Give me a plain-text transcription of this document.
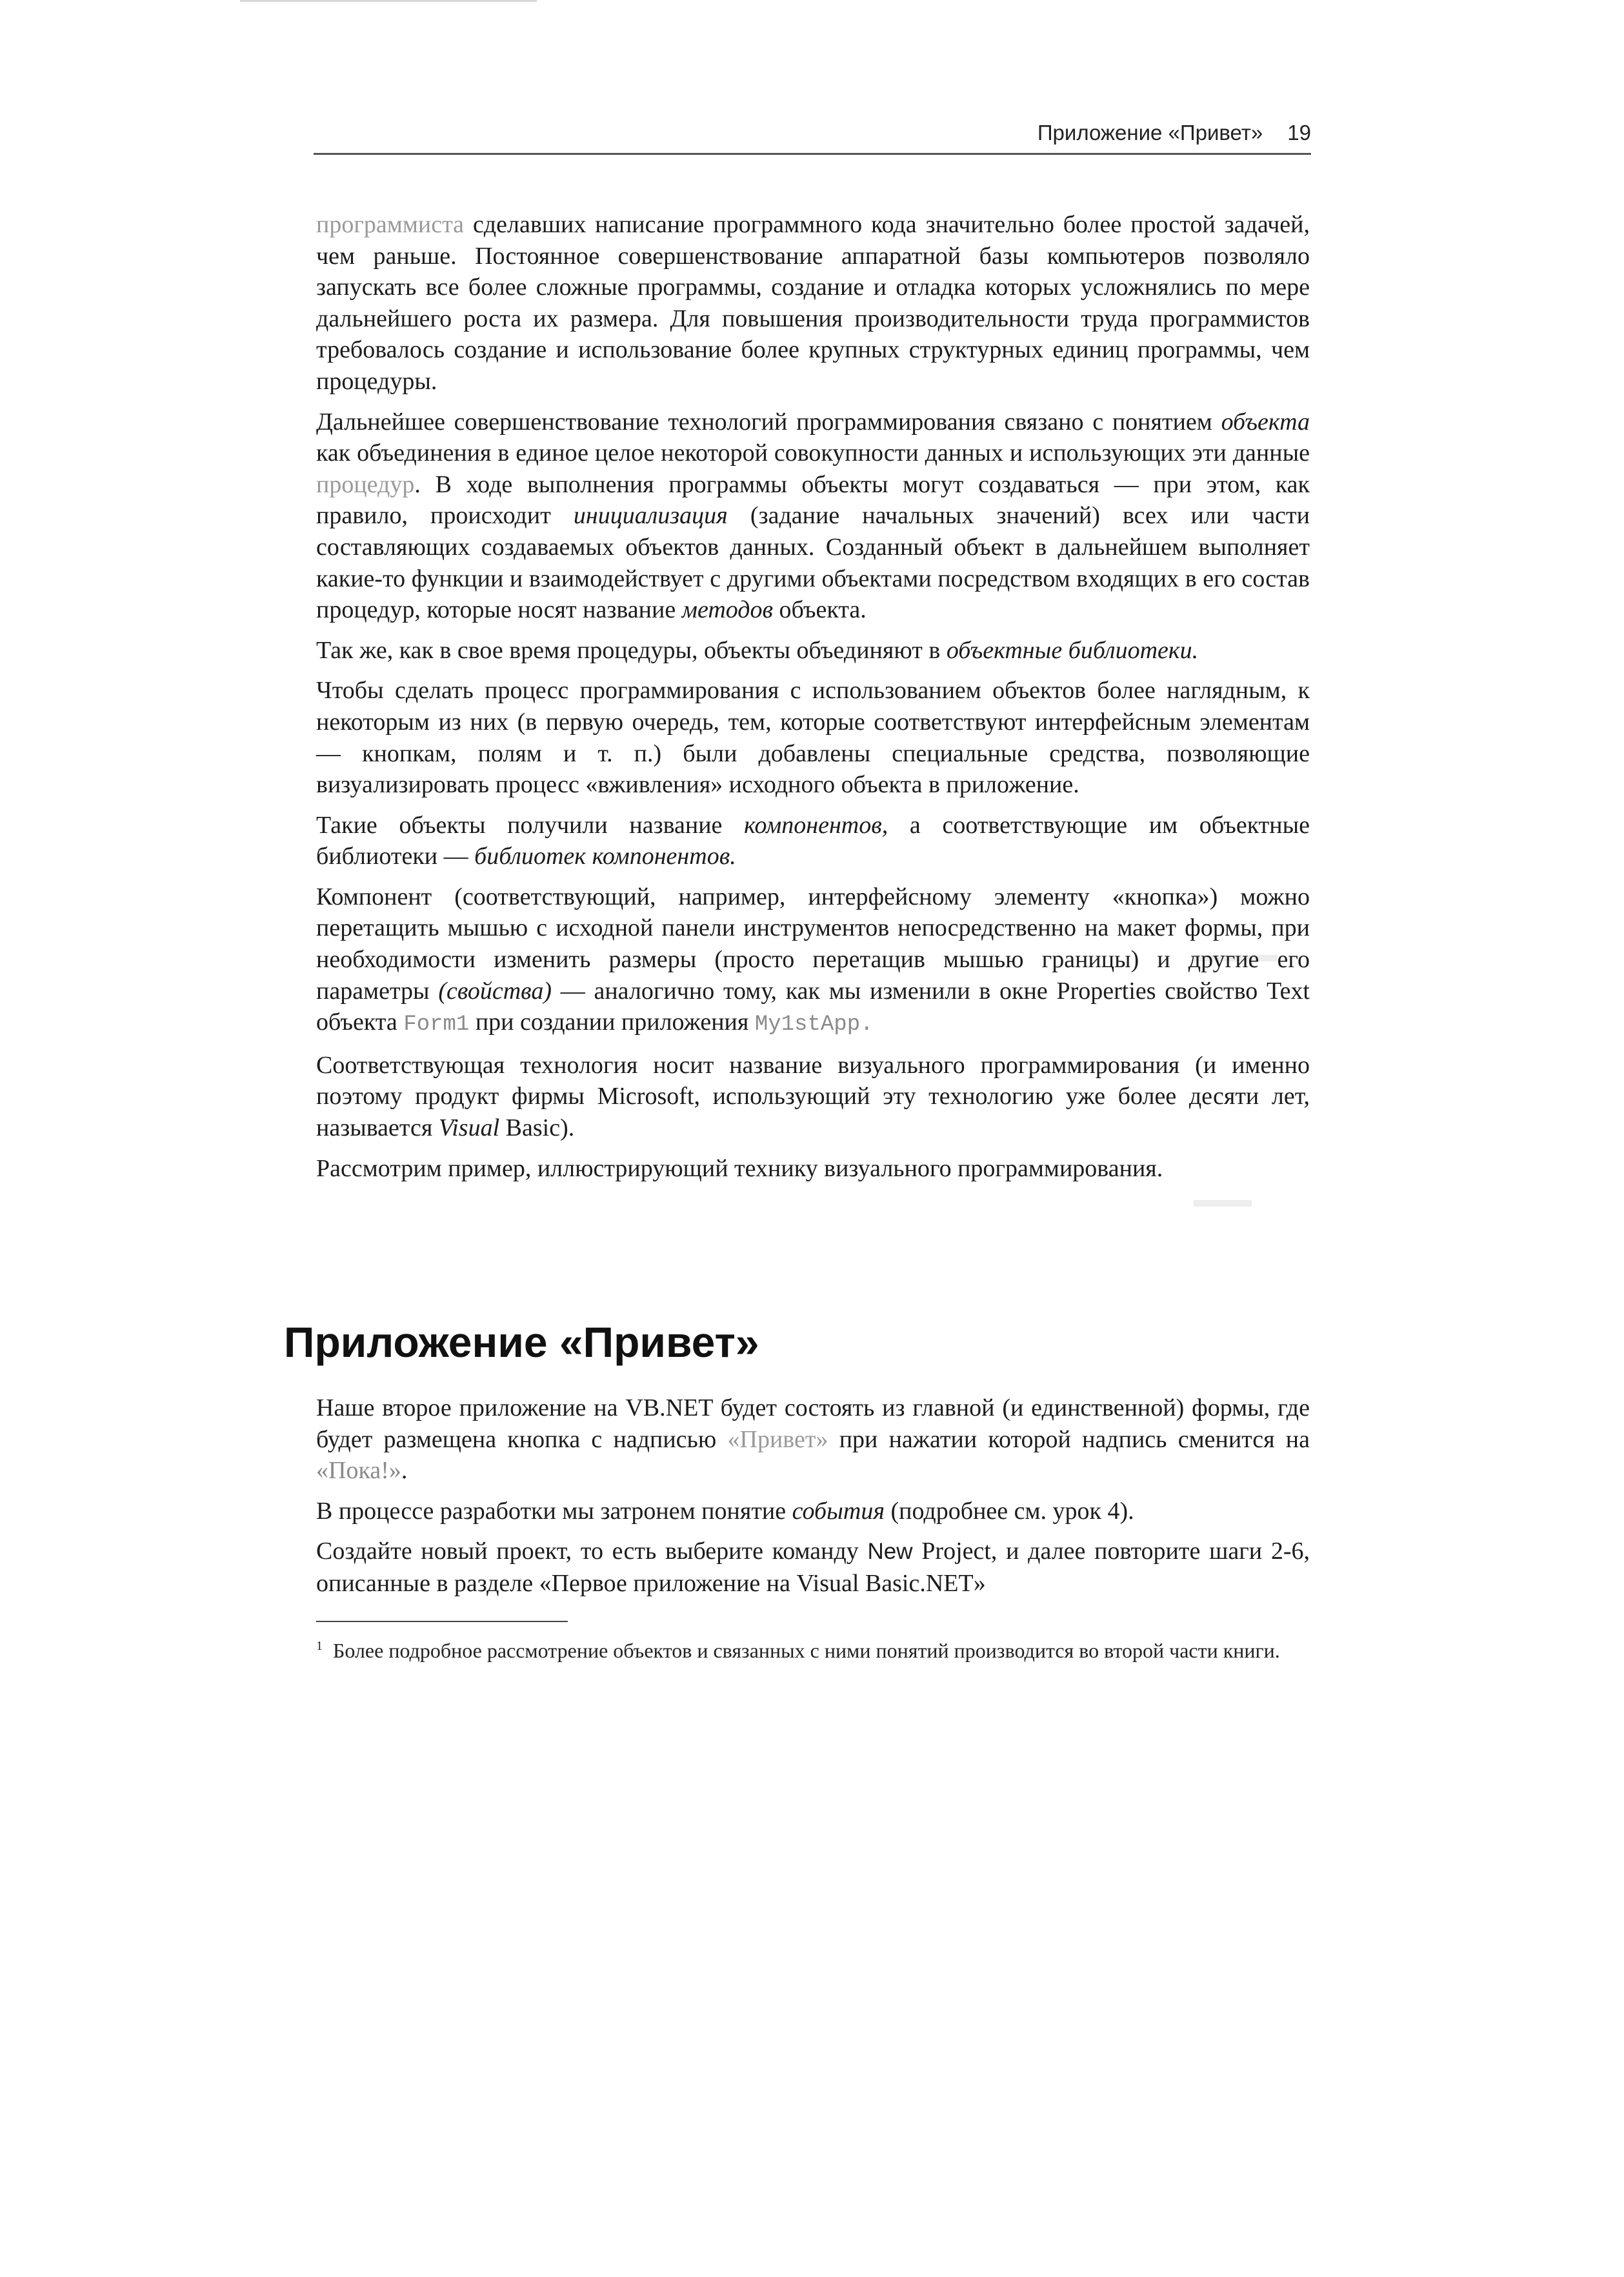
Приложение «Привет» 19

программиста сделавших написание программного кода значительно более простой задачей, чем раньше. Постоянное совершенствование аппаратной базы компьютеров позволяло запускать все более сложные программы, создание и отладка которых усложнялись по мере дальнейшего роста их размера. Для повышения производительности труда программистов требовалось создание и использование более крупных структурных единиц программы, чем процедуры.

Дальнейшее совершенствование технологий программирования связано с понятием объекта как объединения в единое целое некоторой совокупности данных и использующих эти данные процедур. В ходе выполнения программы объекты могут создаваться — при этом, как правило, происходит инициализация (задание начальных значений) всех или части составляющих создаваемых объектов данных. Созданный объект в дальнейшем выполняет какие-то функции и взаимодействует с другими объектами посредством входящих в его состав процедур, которые носят название методов объекта.

Так же, как в свое время процедуры, объекты объединяют в объектные библиотеки.

Чтобы сделать процесс программирования с использованием объектов более наглядным, к некоторым из них (в первую очередь, тем, которые соответствуют интерфейсным элементам — кнопкам, полям и т. п.) были добавлены специальные средства, позволяющие визуализировать процесс «вживления» исходного объекта в приложение.

Такие объекты получили название компонентов, а соответствующие им объектные библиотеки — библиотек компонентов.

Компонент (соответствующий, например, интерфейсному элементу «кнопка») можно перетащить мышью с исходной панели инструментов непосредственно на макет формы, при необходимости изменить размеры (просто перетащив мышью границы) и другие его параметры (свойства) — аналогично тому, как мы изменили в окне Properties свойство Text объекта Form1 при создании приложения My1stApp.

Соответствующая технология носит название визуального программирования (и именно поэтому продукт фирмы Microsoft, использующий эту технологию уже более десяти лет, называется Visual Basic).

Рассмотрим пример, иллюстрирующий технику визуального программирования.

Приложение «Привет»

Наше второе приложение на VB.NET будет состоять из главной (и единственной) формы, где будет размещена кнопка с надписью «Привет» при нажатии которой надпись сменится на «Пока!».

В процессе разработки мы затронем понятие события (подробнее см. урок 4).

Создайте новый проект, то есть выберите команду New Project, и далее повторите шаги 2-6, описанные в разделе «Первое приложение на Visual Basic.NET»

$^1$ Более подробное рассмотрение объектов и связанных с ними понятий производится во второй части книги.
